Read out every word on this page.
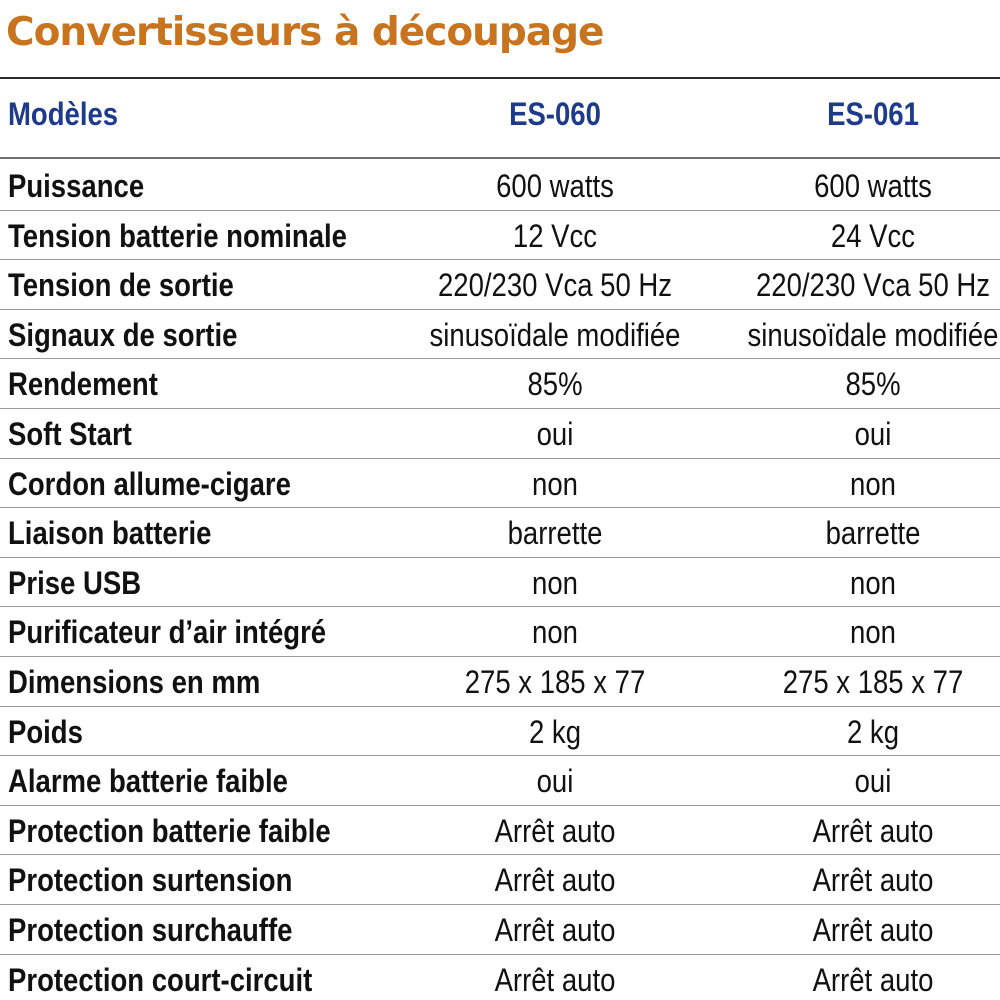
Convertisseurs à découpage
Modèles	ES-060	ES-061
Puissance	600 watts	600 watts
Tension batterie nominale	12 Vcc	24 Vcc
Tension de sortie	220/230 Vca 50 Hz	220/230 Vca 50 Hz
Signaux de sortie	sinusoïdale modifiée	sinusoïdale modifiée
Rendement	85%	85%
Soft Start	oui	oui
Cordon allume-cigare	non	non
Liaison batterie	barrette	barrette
Prise USB	non	non
Purificateur d’air intégré	non	non
Dimensions en mm	275 x 185 x 77	275 x 185 x 77
Poids	2 kg	2 kg
Alarme batterie faible	oui	oui
Protection batterie faible	Arrêt auto	Arrêt auto
Protection surtension	Arrêt auto	Arrêt auto
Protection surchauffe	Arrêt auto	Arrêt auto
Protection court-circuit	Arrêt auto	Arrêt auto
